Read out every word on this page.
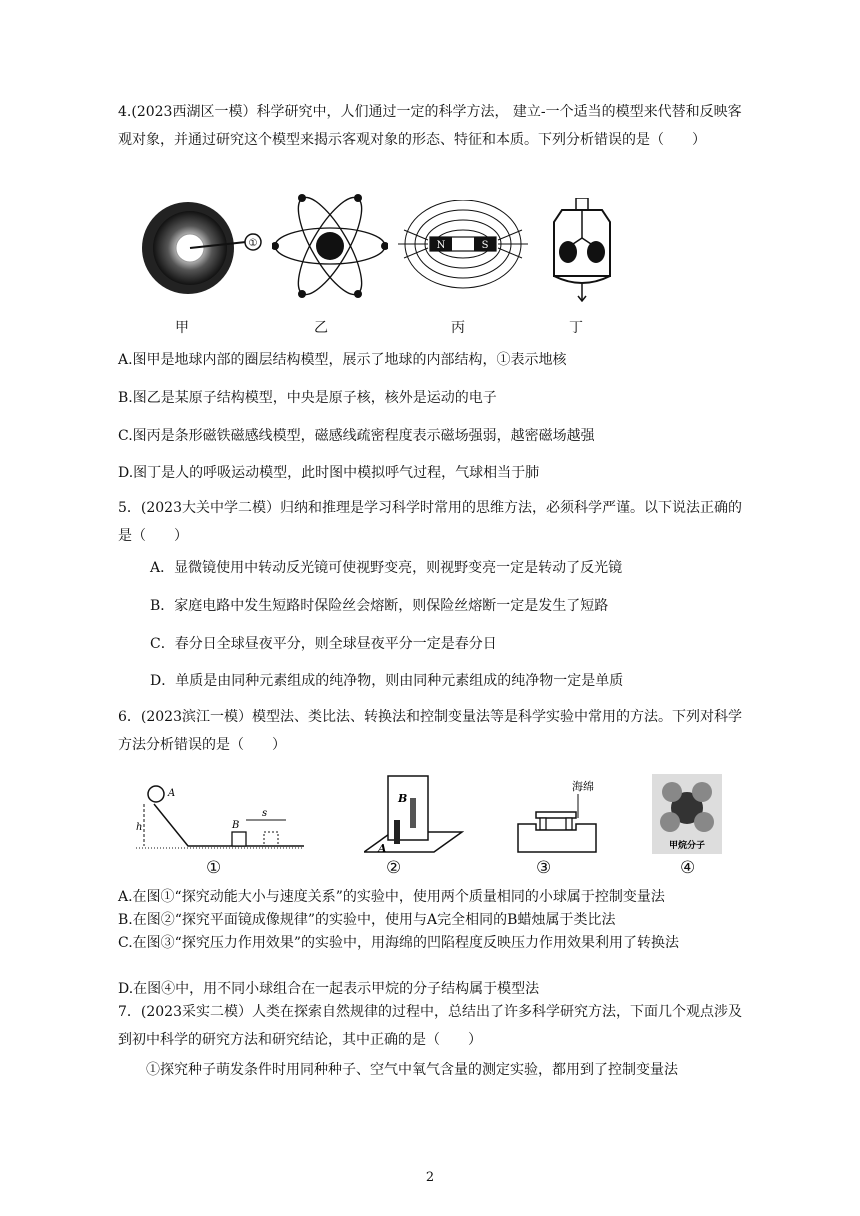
4.(2023西湖区一模）科学研究中，人们通过一定的科学方法， 建立-一个适当的模型来代替和反映客观对象，并通过研究这个模型来揭示客观对象的形态、特征和本质。下列分析错误的是（　　）

①	N	S
甲	乙	丙	丁

A.图甲是地球内部的圈层结构模型，展示了地球的内部结构，①表示地核

B.图乙是某原子结构模型，中央是原子核，核外是运动的电子

C.图丙是条形磁铁磁感线模型，磁感线疏密程度表示磁场强弱，越密磁场越强

D.图丁是人的呼吸运动模型，此时图中模拟呼气过程，气球相当于肺

5．(2023大关中学二模）归纳和推理是学习科学时常用的思维方法，必须科学严谨。以下说法正确的是（　　）

A．显微镜使用中转动反光镜可使视野变亮，则视野变亮一定是转动了反光镜

B．家庭电路中发生短路时保险丝会熔断，则保险丝熔断一定是发生了短路

C．春分日全球昼夜平分，则全球昼夜平分一定是春分日

D．单质是由同种元素组成的纯净物，则由同种元素组成的纯净物一定是单质

6．(2023滨江一模）模型法、类比法、转换法和控制变量法等是科学实验中常用的方法。下列对科学方法分析错误的是（　　）

A
h	B
s
B
A
海绵
甲烷分子
①	②	③	④

A.在图①“探究动能大小与速度关系”的实验中，使用两个质量相同的小球属于控制变量法

B.在图②“探究平面镜成像规律”的实验中，使用与A完全相同的B蜡烛属于类比法

C.在图③“探究压力作用效果”的实验中，用海绵的凹陷程度反映压力作用效果利用了转换法

D.在图④中，用不同小球组合在一起表示甲烷的分子结构属于模型法

7．(2023采实二模）人类在探索自然规律的过程中，总结出了许多科学研究方法，下面几个观点涉及到初中科学的研究方法和研究结论，其中正确的是（　　）

①探究种子萌发条件时用同种种子、空气中氧气含量的测定实验，都用到了控制变量法

2
